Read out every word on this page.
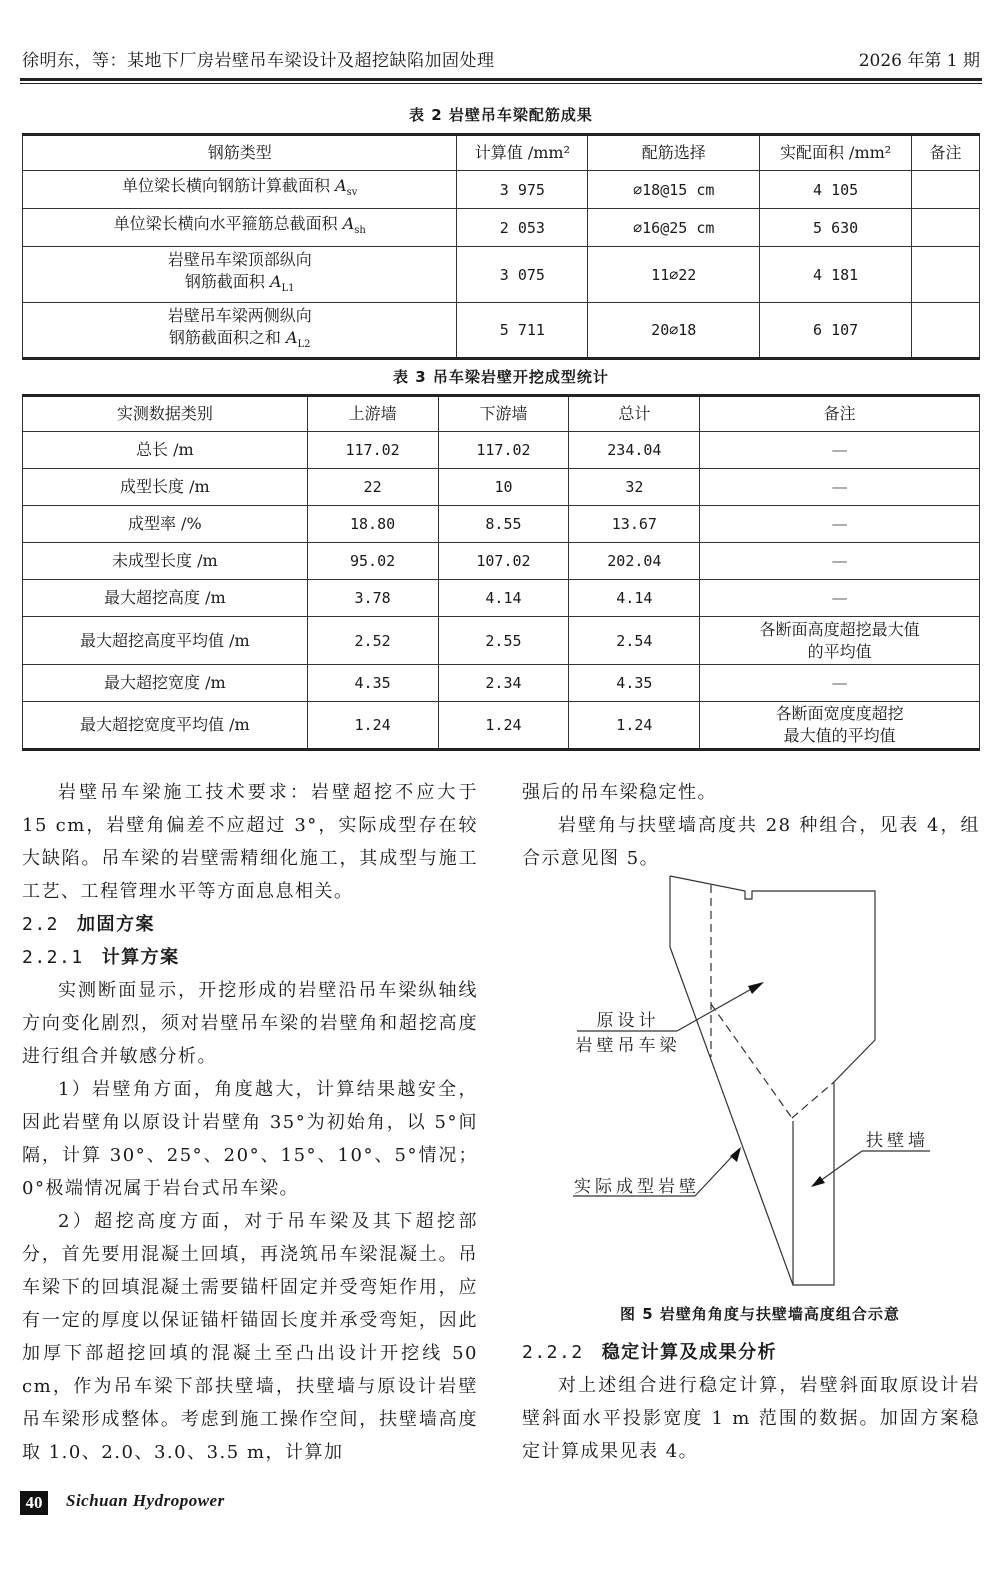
徐明东，等：某地下厂房岩壁吊车梁设计及超挖缺陷加固处理	2026 年第 1 期
表 2 岩壁吊车梁配筋成果
钢筋类型	计算值 /mm²	配筋选择	实配面积 /mm²	备注
单位梁长横向钢筋计算截面积 $A_{sv}$	3 975	⌀18@15 cm	4 105	
单位梁长横向水平箍筋总截面积 $A_{sh}$	2 053	⌀16@25 cm	5 630	

岩壁吊车梁顶部纵向
钢筋截面积 $A_{L1}$	3 075	11⌀22	4 181	

岩壁吊车梁两侧纵向
钢筋截面积之和 $A_{L2}$	5 711	20⌀18	6 107	
表 3 吊车梁岩壁开挖成型统计
实测数据类别	上游墙	下游墙	总计	备注
总长 /m	117.02	117.02	234.04	—

成型长度 /m	22	10	32	—

成型率 /%	18.80	8.55	13.67	—

未成型长度 /m	95.02	107.02	202.04	—

最大超挖高度 /m	3.78	4.14	4.14	—

最大超挖高度平均值 /m	2.52	2.55	2.54	各断面高度超挖最大值
的平均值

最大超挖宽度 /m	4.35	2.34	4.35	—

最大超挖宽度平均值 /m	1.24	1.24	1.24	各断面宽度度超挖
最大值的平均值

岩壁吊车梁施工技术要求：岩壁超挖不应大于 15 cm，岩壁角偏差不应超过 3°，实际成型存在较大缺陷。吊车梁的岩壁需精细化施工，其成型与施工工艺、工程管理水平等方面息息相关。

2.2 加固方案

2.2.1 计算方案

实测断面显示，开挖形成的岩壁沿吊车梁纵轴线方向变化剧烈，须对岩壁吊车梁的岩壁角和超挖高度进行组合并敏感分析。

1）岩壁角方面，角度越大，计算结果越安全，因此岩壁角以原设计岩壁角 35°为初始角，以 5°间隔，计算 30°、25°、20°、15°、10°、5°情况；0°极端情况属于岩台式吊车梁。

2）超挖高度方面，对于吊车梁及其下超挖部分，首先要用混凝土回填，再浇筑吊车梁混凝土。吊车梁下的回填混凝土需要锚杆固定并受弯矩作用，应有一定的厚度以保证锚杆锚固长度并承受弯矩，因此加厚下部超挖回填的混凝土至凸出设计开挖线 50 cm，作为吊车梁下部扶壁墙，扶壁墙与原设计岩壁吊车梁形成整体。考虑到施工操作空间，扶壁墙高度取 1.0、2.0、3.0、3.5 m，计算加

强后的吊车梁稳定性。

岩壁角与扶壁墙高度共 28 种组合，见表 4，组合示意见图 5。

原设计
岩壁吊车梁
实际成型岩壁
扶壁墙
图 5 岩壁角角度与扶壁墙高度组合示意

2.2.2 稳定计算及成果分析

对上述组合进行稳定计算，岩壁斜面取原设计岩壁斜面水平投影宽度 1 m 范围的数据。加固方案稳定计算成果见表 4。

40	Sichuan Hydropower
